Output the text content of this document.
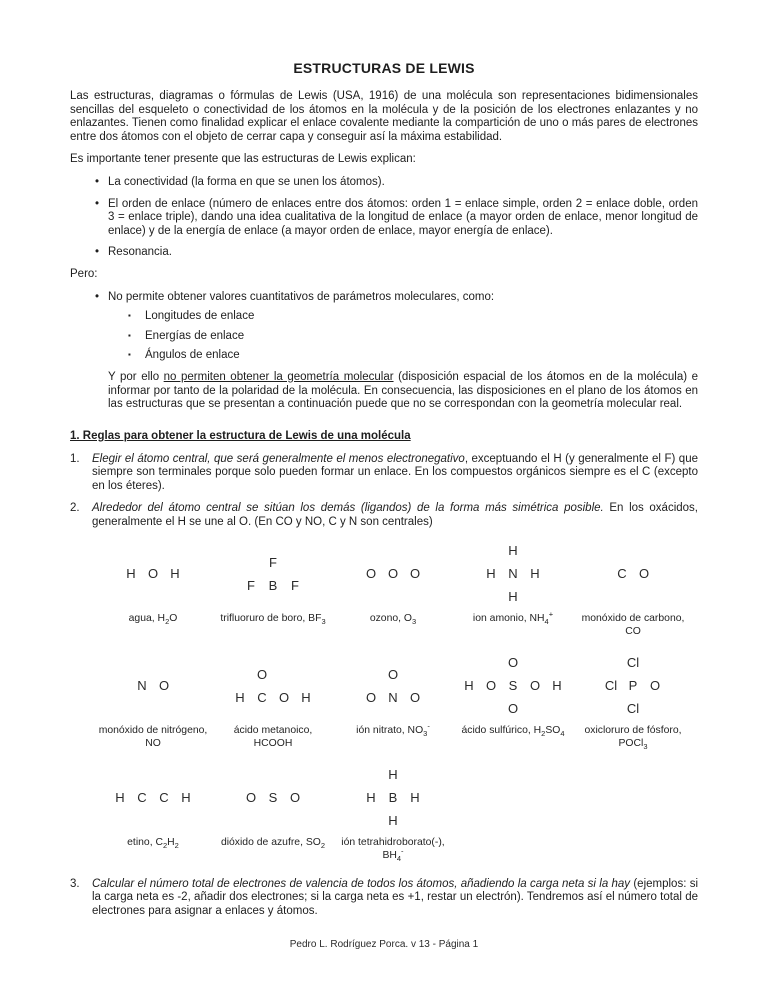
ESTRUCTURAS DE LEWIS

Las estructuras, diagramas o fórmulas de Lewis (USA, 1916) de una molécula son representaciones bidimensionales sencillas del esqueleto o conectividad de los átomos en la molécula y de la posición de los electrones enlazantes y no enlazantes. Tienen como finalidad explicar el enlace covalente mediante la compartición de uno o más pares de electrones entre dos átomos con el objeto de cerrar capa y conseguir así la máxima estabilidad.

Es importante tener presente que las estructuras de Lewis explican:

• La conectividad (la forma en que se unen los átomos).
• El orden de enlace (número de enlaces entre dos átomos: orden 1 = enlace simple, orden 2 = enlace doble, orden 3 = enlace triple), dando una idea cualitativa de la longitud de enlace (a mayor orden de enlace, menor longitud de enlace) y de la energía de enlace (a mayor orden de enlace, mayor energía de enlace).
• Resonancia.

Pero:

• No permite obtener valores cuantitativos de parámetros moleculares, como:
▪ Longitudes de enlace
▪ Energías de enlace
▪ Ángulos de enlace

Y por ello no permiten obtener la geometría molecular (disposición espacial de los átomos en de la molécula) e informar por tanto de la polaridad de la molécula. En consecuencia, las disposiciones en el plano de los átomos en las estructuras que se presentan a continuación puede que no se correspondan con la geometría molecular real.

1. Reglas para obtener la estructura de Lewis de una molécula
1. Elegir el átomo central, que será generalmente el menos electronegativo, exceptuando el H (y generalmente el F) que siempre son terminales porque solo pueden formar un enlace. En los compuestos orgánicos siempre es el C (excepto en los éteres).
2. Alrededor del átomo central se sitúan los demás (ligandos) de la forma más simétrica posible. En los oxácidos, generalmente el H se une al O. (En CO y NO, C y N son centrales)
H O H
agua, $H_2O$
F
F	B	F
trifluoruro de boro, $BF_3$
O O O
ozono, $O_3$
H
H N H
H
ion amonio, $NH_4^+$
C O
monóxido de carbono,
CO
N O
monóxido de nitrógeno,
NO
O
H C O H
ácido metanoico,
HCOOH
O
O N O
ión nitrato, $NO_3^-$
O
H O S O H
O
ácido sulfúrico, $H_2SO_4$
Cl
Cl P O
Cl
oxicloruro de fósforo,
POCl$_3$
H C C H
etino, $C_2H_2$
O S O
dióxido de azufre, $SO_2$
H
H B H
H
ión tetrahidroborato(-),
$BH_4^-$
3. Calcular el número total de electrones de valencia de todos los átomos, añadiendo la carga neta si la hay (ejemplos: si la carga neta es -2, añadir dos electrones; si la carga neta es +1, restar un electrón). Tendremos así el número total de electrones para asignar a enlaces y átomos.
Pedro L. Rodríguez Porca. v 13 - Página 1
